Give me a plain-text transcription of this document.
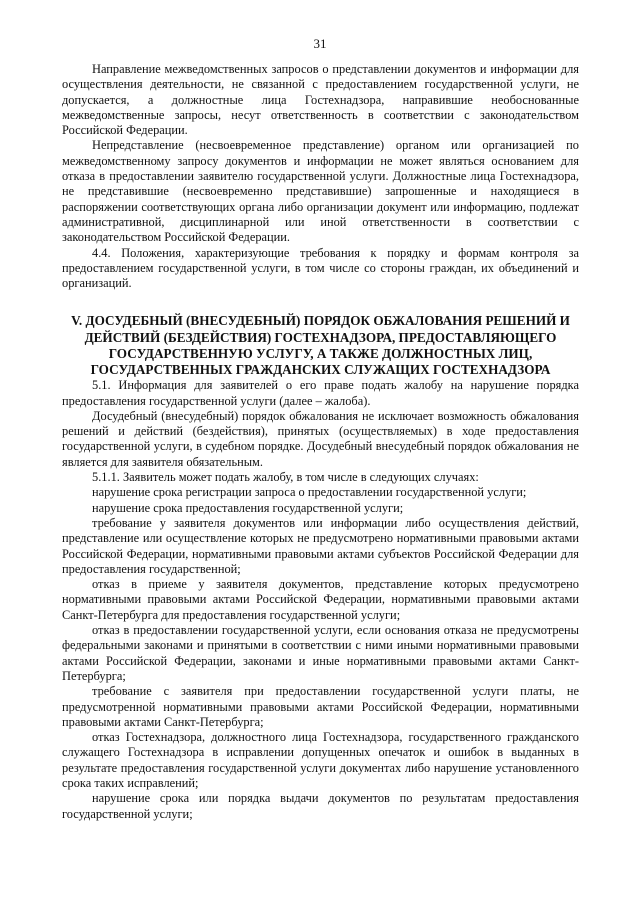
31

Направление межведомственных запросов о представлении документов и информации для осуществления деятельности, не связанной с предоставлением государственной услуги, не допускается, а должностные лица Гостехнадзора, направившие необоснованные межведомственные запросы, несут ответственность в соответствии с законодательством Российской Федерации.

Непредставление (несвоевременное представление) органом или организацией по межведомственному запросу документов и информации не может являться основанием для отказа в предоставлении заявителю государственной услуги. Должностные лица Гостехнадзора, не представившие (несвоевременно представившие) запрошенные и находящиеся в распоряжении соответствующих органа либо организации документ или информацию, подлежат административной, дисциплинарной или иной ответственности в соответствии с законодательством Российской Федерации.

4.4. Положения, характеризующие требования к порядку и формам контроля за предоставлением государственной услуги, в том числе со стороны граждан, их объединений и организаций.

V. ДОСУДЕБНЫЙ (ВНЕСУДЕБНЫЙ) ПОРЯДОК ОБЖАЛОВАНИЯ РЕШЕНИЙ И ДЕЙСТВИЙ (БЕЗДЕЙСТВИЯ) ГОСТЕХНАДЗОРА, ПРЕДОСТАВЛЯЮЩЕГО ГОСУДАРСТВЕННУЮ УСЛУГУ, А ТАКЖЕ ДОЛЖНОСТНЫХ ЛИЦ, ГОСУДАРСТВЕННЫХ ГРАЖДАНСКИХ СЛУЖАЩИХ ГОСТЕХНАДЗОРА

5.1. Информация для заявителей о его праве подать жалобу на нарушение порядка предоставления государственной услуги (далее – жалоба).

Досудебный (внесудебный) порядок обжалования не исключает возможность обжалования решений и действий (бездействия), принятых (осуществляемых) в ходе предоставления государственной услуги, в судебном порядке. Досудебный внесудебный порядок обжалования не является для заявителя обязательным.

5.1.1. Заявитель может подать жалобу, в том числе в следующих случаях:

нарушение срока регистрации запроса о предоставлении государственной услуги;

нарушение срока предоставления государственной услуги;

требование у заявителя документов или информации либо осуществления действий, представление или осуществление которых не предусмотрено нормативными правовыми актами Российской Федерации, нормативными правовыми актами субъектов Российской Федерации для предоставления государственной;

отказ в приеме у заявителя документов, представление которых предусмотрено нормативными правовыми актами Российской Федерации, нормативными правовыми актами Санкт-Петербурга для предоставления государственной услуги;

отказ в предоставлении государственной услуги, если основания отказа не предусмотрены федеральными законами и принятыми в соответствии с ними иными нормативными правовыми актами Российской Федерации, законами и иные нормативными правовыми актами Санкт-Петербурга;

требование с заявителя при предоставлении государственной услуги платы, не предусмотренной нормативными правовыми актами Российской Федерации, нормативными правовыми актами Санкт-Петербурга;

отказ Гостехнадзора, должностного лица Гостехнадзора, государственного гражданского служащего Гостехнадзора в исправлении допущенных опечаток и ошибок в выданных в результате предоставления государственной услуги документах либо нарушение установленного срока таких исправлений;

нарушение срока или порядка выдачи документов по результатам предоставления государственной услуги;
